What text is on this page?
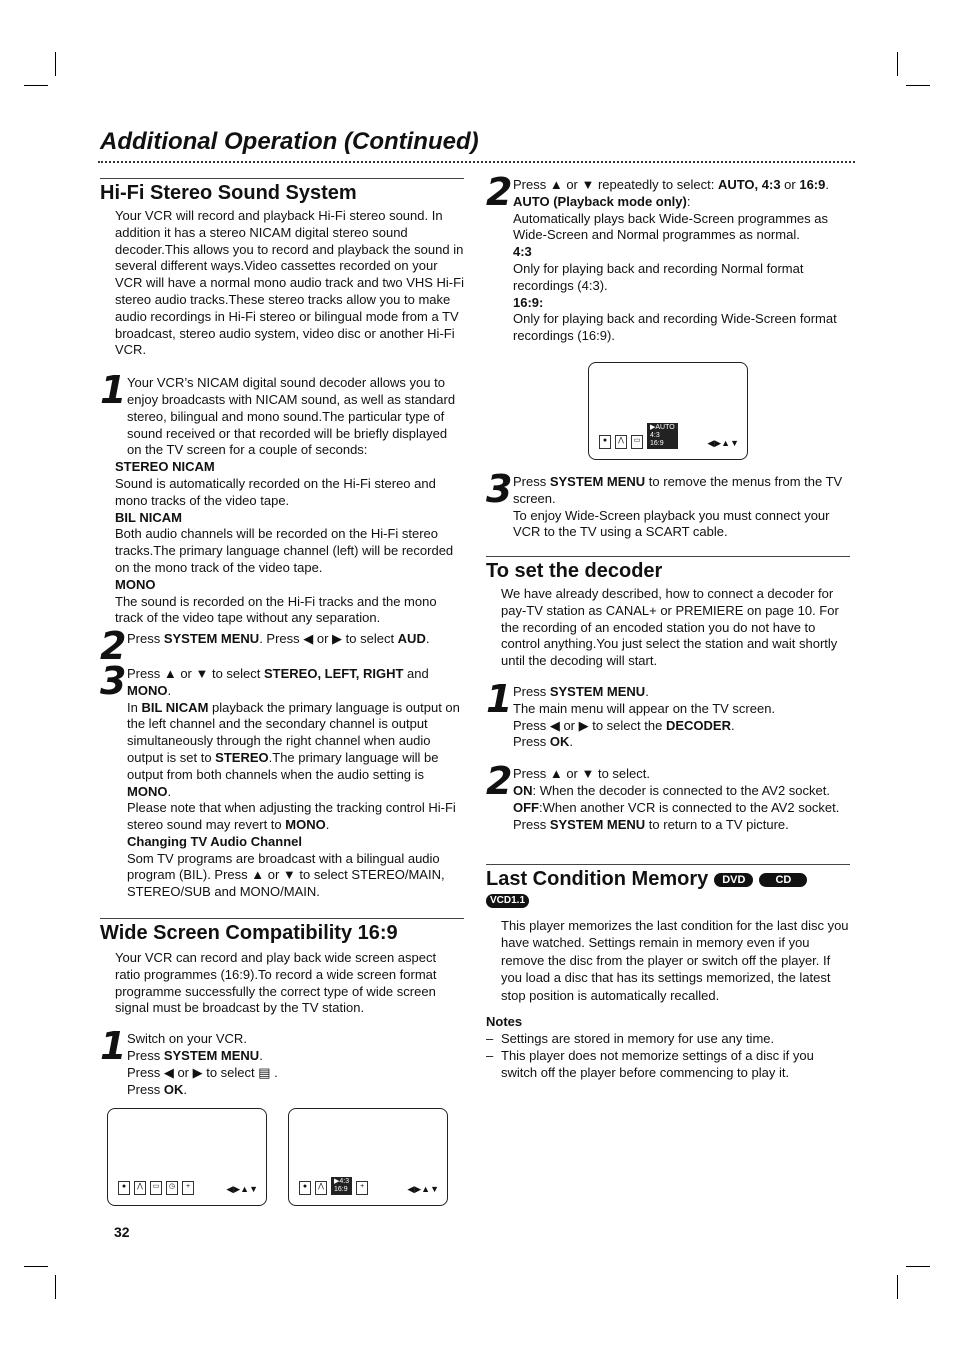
Additional Operation (Continued)
Hi-Fi Stereo Sound System

Your VCR will record and playback Hi-Fi stereo sound. In addition it has a stereo NICAM digital stereo sound decoder.This allows you to record and playback the sound in several different ways.Video cassettes recorded on your VCR will have a normal mono audio track and two VHS Hi-Fi stereo audio tracks.These stereo tracks allow you to make audio recordings in Hi-Fi stereo or bilingual mode from a TV broadcast, stereo audio system, video disc or another Hi-Fi VCR.

1 Your VCR’s NICAM digital sound decoder allows you to enjoy broadcasts with NICAM sound, as well as standard stereo, bilingual and mono sound.The particular type of sound received or that recorded will be briefly displayed on the TV screen for a couple of seconds:

STEREO NICAM

Sound is automatically recorded on the Hi-Fi stereo and mono tracks of the video tape.

BIL NICAM

Both audio channels will be recorded on the Hi-Fi stereo tracks.The primary language channel (left) will be recorded on the mono track of the video tape.

MONO

The sound is recorded on the Hi-Fi tracks and the mono track of the video tape without any separation.

2 Press SYSTEM MENU. Press ◀ or ▶ to select AUD.

3 Press ▲ or ▼ to select STEREO, LEFT, RIGHT and MONO.

In BIL NICAM playback the primary language is output on the left channel and the secondary channel is output simultaneously through the right channel when audio output is set to STEREO.The primary language will be output from both channels when the audio setting is MONO.

Please note that when adjusting the tracking control Hi-Fi stereo sound may revert to MONO.

Changing TV Audio Channel

Som TV programs are broadcast with a bilingual audio program (BIL). Press ▲ or ▼ to select STEREO/MAIN, STEREO/SUB and MONO/MAIN.

Wide Screen Compatibility 16:9

Your VCR can record and play back wide screen aspect ratio programmes (16:9).To record a wide screen format programme successfully the correct type of wide screen signal must be broadcast by the TV station.

1 Switch on your VCR.

Press SYSTEM MENU.

Press ◀ or ▶ to select ▤ .

Press OK.

●	⋀	▭	◷	+	◀▶▲▼	●	⋀
▶4:3
16:9	+	◀▶▲▼
32
2 Press ▲ or ▼ repeatedly to select: AUTO, 4:3 or 16:9.

AUTO (Playback mode only):

Automatically plays back Wide-Screen programmes as Wide-Screen and Normal programmes as normal.

4:3

Only for playing back and recording Normal format recordings (4:3).

16:9:

Only for playing back and recording Wide-Screen format recordings (16:9).

●	⋀	▭
▶AUTO
4:3
16:9	◀▶▲▼
3 Press SYSTEM MENU to remove the menus from the TV screen.

To enjoy Wide-Screen playback you must connect your VCR to the TV using a SCART cable.

To set the decoder

We have already described, how to connect a decoder for pay-TV station as CANAL+ or PREMIERE on page 10. For the recording of an encoded station you do not have to control anything.You just select the station and wait shortly until the decoding will start.

1 Press SYSTEM MENU.

The main menu will appear on the TV screen.

Press ◀ or ▶ to select the DECODER.

Press OK.

2 Press ▲ or ▼ to select.

ON: When the decoder is connected to the AV2 socket.

OFF:When another VCR is connected to the AV2 socket.

Press SYSTEM MENU to return to a TV picture.

Last Condition Memory DVD	CD
VCD1.1

This player memorizes the last condition for the last disc you have watched. Settings remain in memory even if you remove the disc from the player or switch off the player. If you load a disc that has its settings memorized, the latest stop position is automatically recalled.

Notes

– Settings are stored in memory for use any time.
– This player does not memorize settings of a disc if you switch off the player before commencing to play it.
